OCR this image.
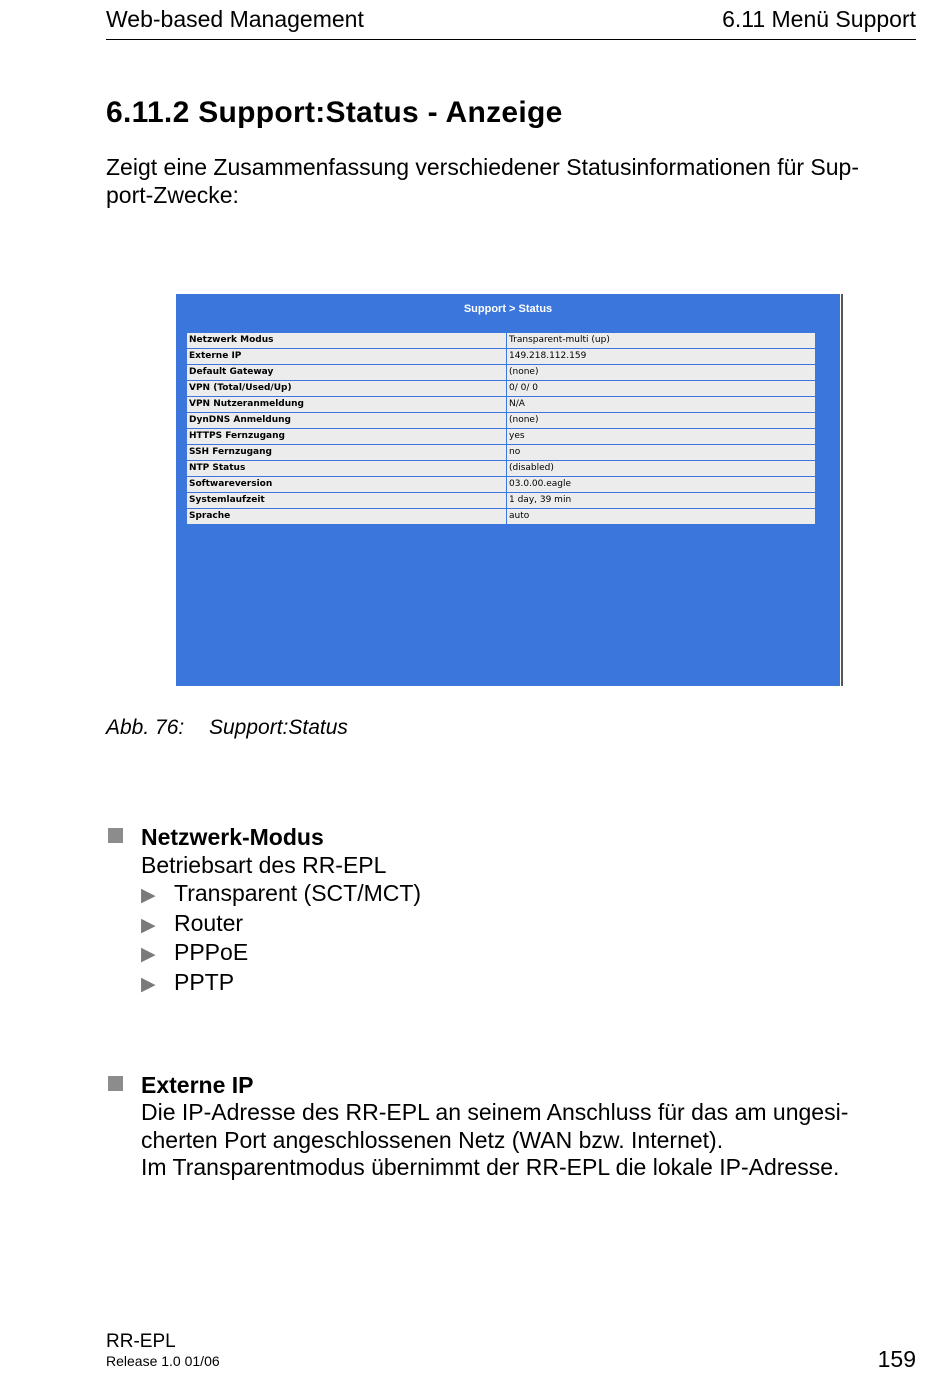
Web-based Management	6.11 Menü Support
6.11.2 Support:Status - Anzeige
Zeigt eine Zusammenfassung verschiedener Statusinformationen für Sup-
port-Zwecke:
Support > Status
Netzwerk Modus	Transparent-multi (up)
Externe IP	149.218.112.159
Default Gateway	(none)
VPN (Total/Used/Up)	0/ 0/ 0
VPN Nutzeranmeldung	N/A
DynDNS Anmeldung	(none)
HTTPS Fernzugang	yes
SSH Fernzugang	no
NTP Status	(disabled)
Softwareversion	03.0.00.eagle
Systemlaufzeit	1 day, 39 min
Sprache	auto
Abb. 76: Support:Status
Netzwerk-Modus
Betriebsart des RR-EPL
▶ Transparent (SCT/MCT)
▶ Router
▶ PPPoE
▶ PPTP
Externe IP
Die IP-Adresse des RR-EPL an seinem Anschluss für das am ungesi-
cherten Port angeschlossenen Netz (WAN bzw. Internet).
Im Transparentmodus übernimmt der RR-EPL die lokale IP-Adresse.
RR-EPL
Release 1.0 01/06	159
